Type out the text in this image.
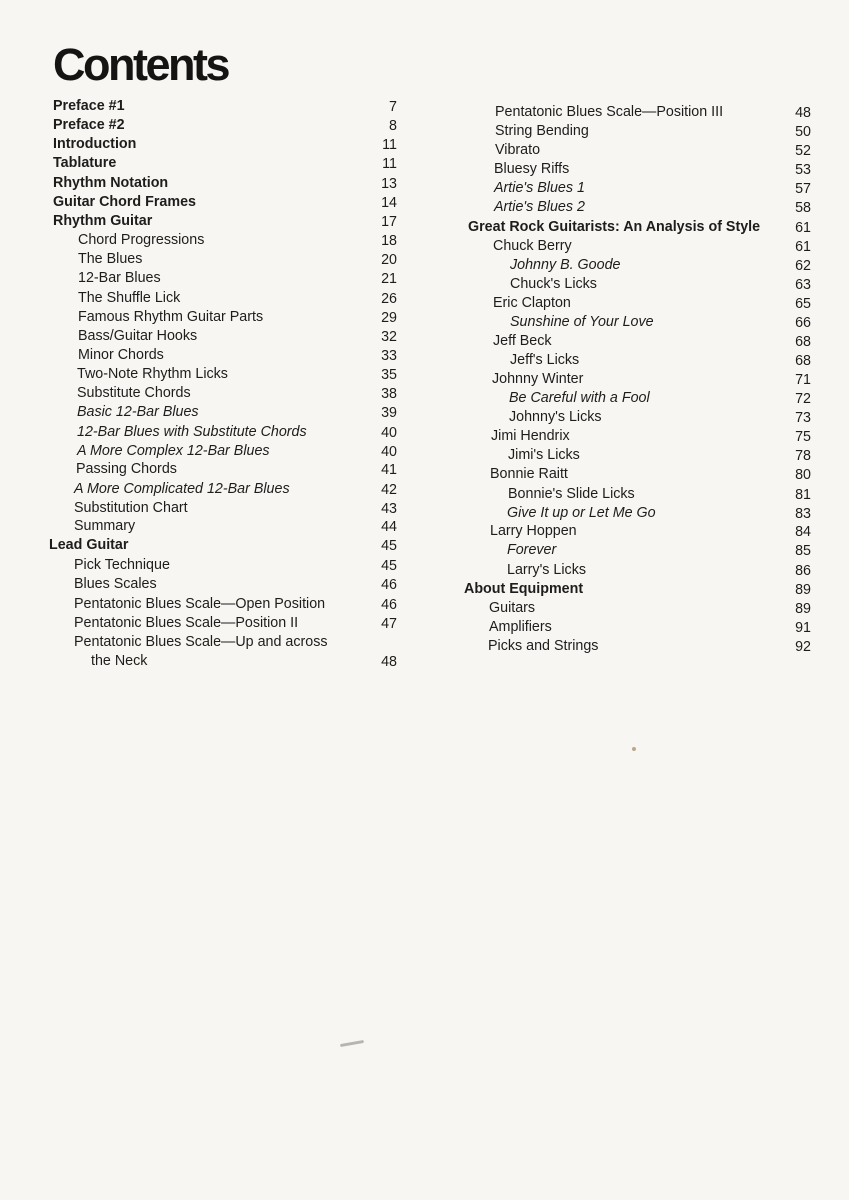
Contents
Preface #1	7
Preface #2	8
Introduction	11
Tablature	11
Rhythm Notation	13
Guitar Chord Frames	14
Rhythm Guitar	17
Chord Progressions	18
The Blues	20
12-Bar Blues	21
The Shuffle Lick	26
Famous Rhythm Guitar Parts	29
Bass/Guitar Hooks	32
Minor Chords	33
Two-Note Rhythm Licks	35
Substitute Chords	38
Basic 12-Bar Blues	39
12-Bar Blues with Substitute Chords	40
A More Complex 12-Bar Blues	40
Passing Chords	41
A More Complicated 12-Bar Blues	42
Substitution Chart	43
Summary	44
Lead Guitar	45
Pick Technique	45
Blues Scales	46
Pentatonic Blues Scale—Open Position	46
Pentatonic Blues Scale—Position II	47
Pentatonic Blues Scale—Up and across
the Neck	48
Pentatonic Blues Scale—Position III	48
String Bending	50
Vibrato	52
Bluesy Riffs	53
Artie's Blues 1	57
Artie's Blues 2	58
Great Rock Guitarists: An Analysis of Style 61
Chuck Berry	61
Johnny B. Goode	62
Chuck's Licks	63
Eric Clapton	65
Sunshine of Your Love	66
Jeff Beck	68
Jeff's Licks	68
Johnny Winter	71
Be Careful with a Fool	72
Johnny's Licks	73
Jimi Hendrix	75
Jimi's Licks	78
Bonnie Raitt	80
Bonnie's Slide Licks	81
Give It up or Let Me Go	83
Larry Hoppen	84
Forever	85
Larry's Licks	86
About Equipment	89
Guitars	89
Amplifiers	91
Picks and Strings	92
